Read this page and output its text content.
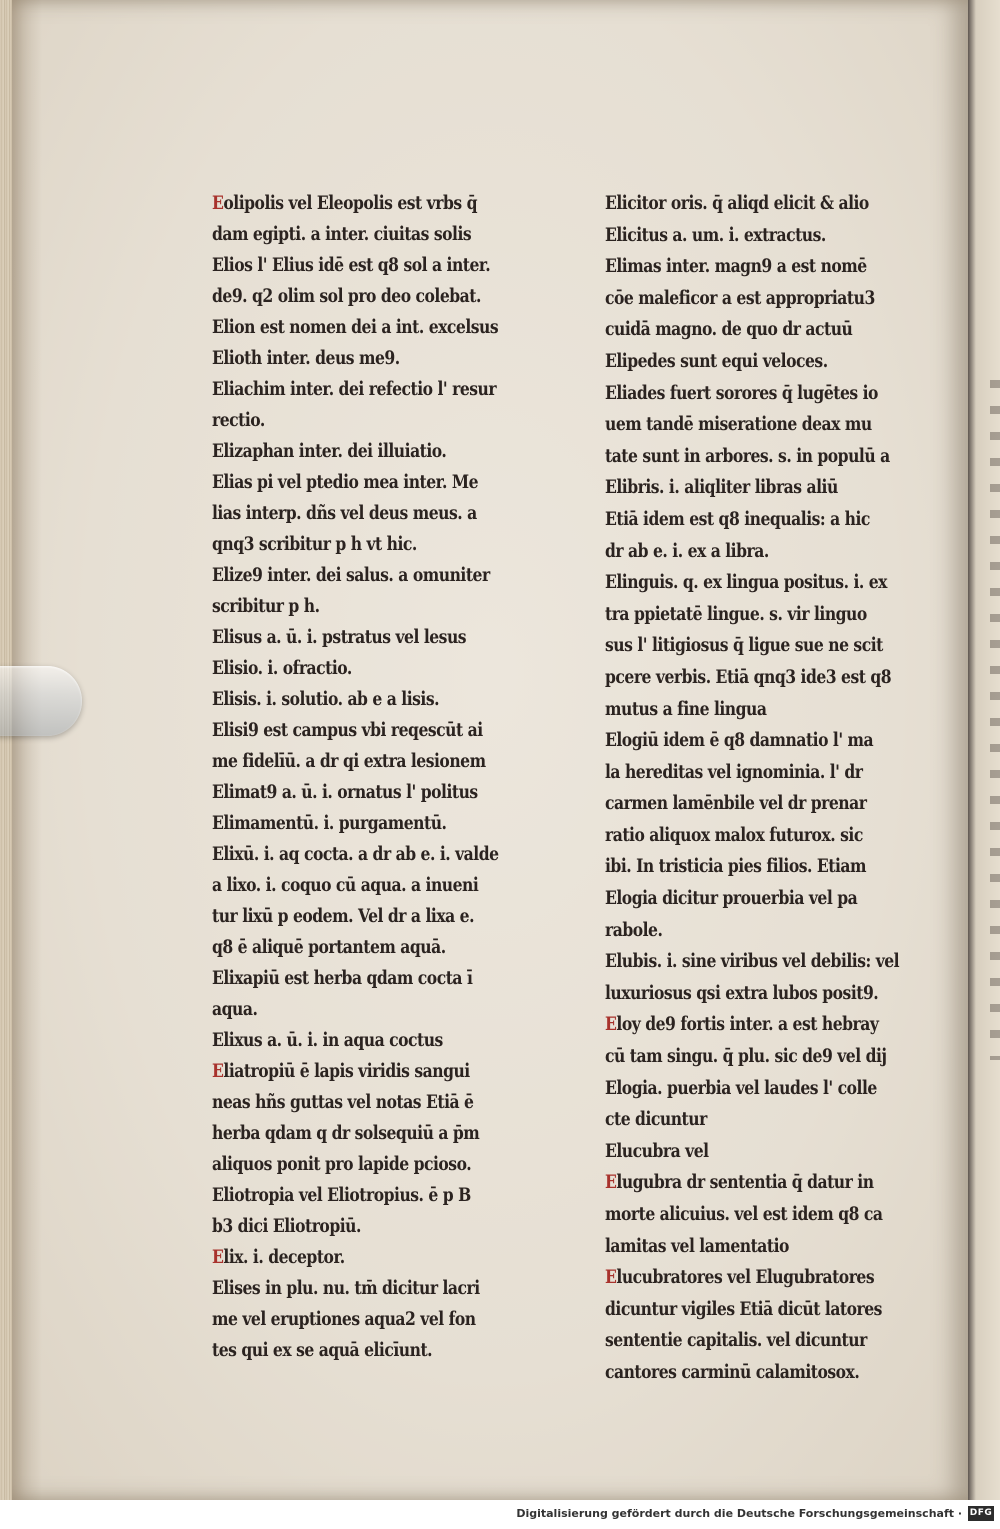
Eolipolis vel Eleopolis est vrbs q̄
dam egipti. a inter. ciuitas solis
Elios l' Elius idē est q8 sol a inter.
de9. q2 olim sol pro deo colebat.
Elion est nomen dei a int. excelsus
Elioth inter. deus me9.
Eliachim inter. dei refectio l' resur
rectio.
Elizaphan inter. dei illuiatio.
Elias pi vel ptedio mea inter. Me
lias interp. dñs vel deus meus. a
qnq3 scribitur p h vt hic.
Elize9 inter. dei salus. a omuniter
scribitur p h.
Elisus a. ū. i. pstratus vel lesus
Elisio. i. ofractio.
Elisis. i. solutio. ab e a lisis.
Elisi9 est campus vbi reqescūt ai
me fidelīū. a dr qi extra lesionem
Elimat9 a. ū. i. ornatus l' politus
Elimamentū. i. purgamentū.
Elixū. i. aq cocta. a dr ab e. i. valde
a lixo. i. coquo cū aqua. a inueni
tur lixū p eodem. Vel dr a lixa e.
q8 ē aliquē portantem aquā.
Elixapiū est herba qdam cocta ī
aqua.
Elixus a. ū. i. in aqua coctus
Eliatropiū ē lapis viridis sangui
neas hñs guttas vel notas Etiā ē
herba qdam q dr solsequiū a p̄m
aliquos ponit pro lapide pcioso.
Eliotropia vel Eliotropius. ē p B
b3 dici Eliotropiū.
Elix. i. deceptor.
Elises in plu. nu. tm̄ dicitur lacri
me vel eruptiones aqua2 vel fon
tes qui ex se aquā elicīunt.
Elicitor oris. q̄ aliqd elicit & alio
Elicitus a. um. i. extractus.
Elimas inter. magn9 a est nomē
cōe maleficor a est appropriatu3
cuidā magno. de quo dr actuū
Elipedes sunt equi veloces.
Eliades fuert sorores q̄ lugētes io
uem tandē miseratione deax mu
tate sunt in arbores. s. in populū a
Elibris. i. aliqliter libras aliū
Etiā idem est q8 inequalis: a hic
dr ab e. i. ex a libra.
Elinguis. q. ex lingua positus. i. ex
tra ppietatē lingue. s. vir linguo
sus l' litigiosus q̄ ligue sue ne scit
pcere verbis. Etiā qnq3 ide3 est q8
mutus a fine lingua
Elogiū idem ē q8 damnatio l' ma
la hereditas vel ignominia. l' dr
carmen lamēnbile vel dr prenar
ratio aliquox malox futurox. sic
ibi. In tristicia pies filios. Etiam
Elogia dicitur prouerbia vel pa
rabole.
Elubis. i. sine viribus vel debilis: vel
luxuriosus qsi extra lubos posit9.
Eloy de9 fortis inter. a est hebray
cū tam singu. q̄ plu. sic de9 vel dij
Elogia. puerbia vel laudes l' colle
cte dicuntur
Elucubra vel
Elugubra dr sententia q̄ datur in
morte alicuius. vel est idem q8 ca
lamitas vel lamentatio
Elucubratores vel Elugubratores
dicuntur vigiles Etiā dicūt latores
sententie capitalis. vel dicuntur
cantores carminū calamitosox.
Digitalisierung gefördert durch die Deutsche Forschungsgemeinschaft · DFG
